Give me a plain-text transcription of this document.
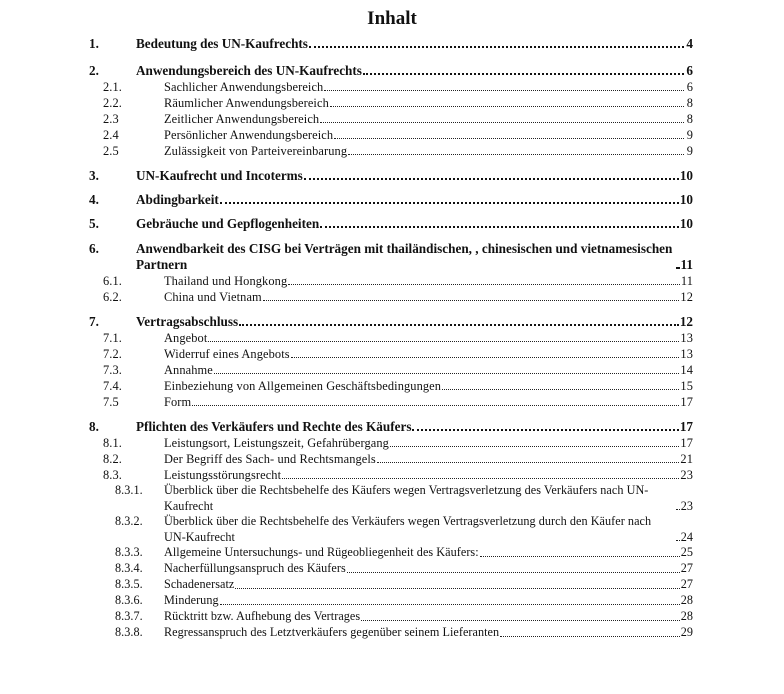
Inhalt
1.	Bedeutung des UN-Kaufrechts	4
2.	Anwendungsbereich des UN-Kaufrechts	6
2.1.	Sachlicher Anwendungsbereich	6
2.2.	Räumlicher Anwendungsbereich	8
2.3	Zeitlicher Anwendungsbereich	8
2.4	Persönlicher Anwendungsbereich	9
2.5	Zulässigkeit von Parteivereinbarung	9
3.	UN-Kaufrecht und Incoterms	10
4.	Abdingbarkeit	10
5.	Gebräuche und Gepflogenheiten	10
6.	Anwendbarkeit des CISG bei Verträgen mit thailändischen, , chinesischen und vietnamesischen Partnern	11
6.1.	Thailand und Hongkong	11
6.2.	China und Vietnam	12
7.	Vertragsabschluss	12
7.1.	Angebot	13
7.2.	Widerruf eines Angebots	13
7.3.	Annahme	14
7.4.	Einbeziehung von Allgemeinen Geschäftsbedingungen	15
7.5	Form	17
8.	Pflichten des Verkäufers und Rechte des Käufers	17
8.1.	Leistungsort, Leistungszeit, Gefahrübergang	17
8.2.	Der Begriff des Sach- und Rechtsmangels	21
8.3.	Leistungsstörungsrecht	23
8.3.1. Überblick über die Rechtsbehelfe des Käufers wegen Vertragsverletzung des Verkäufers nach UN-Kaufrecht	23
8.3.2. Überblick über die Rechtsbehelfe des Verkäufers wegen Vertragsverletzung durch den Käufer nach UN-Kaufrecht	24
8.3.3. Allgemeine Untersuchungs- und Rügeobliegenheit des Käufers:	25
8.3.4. Nacherfüllungsanspruch des Käufers	27
8.3.5. Schadenersatz	27
8.3.6. Minderung	28
8.3.7. Rücktritt bzw. Aufhebung des Vertrages	28
8.3.8. Regressanspruch des Letztverkäufers gegenüber seinem Lieferanten	29
